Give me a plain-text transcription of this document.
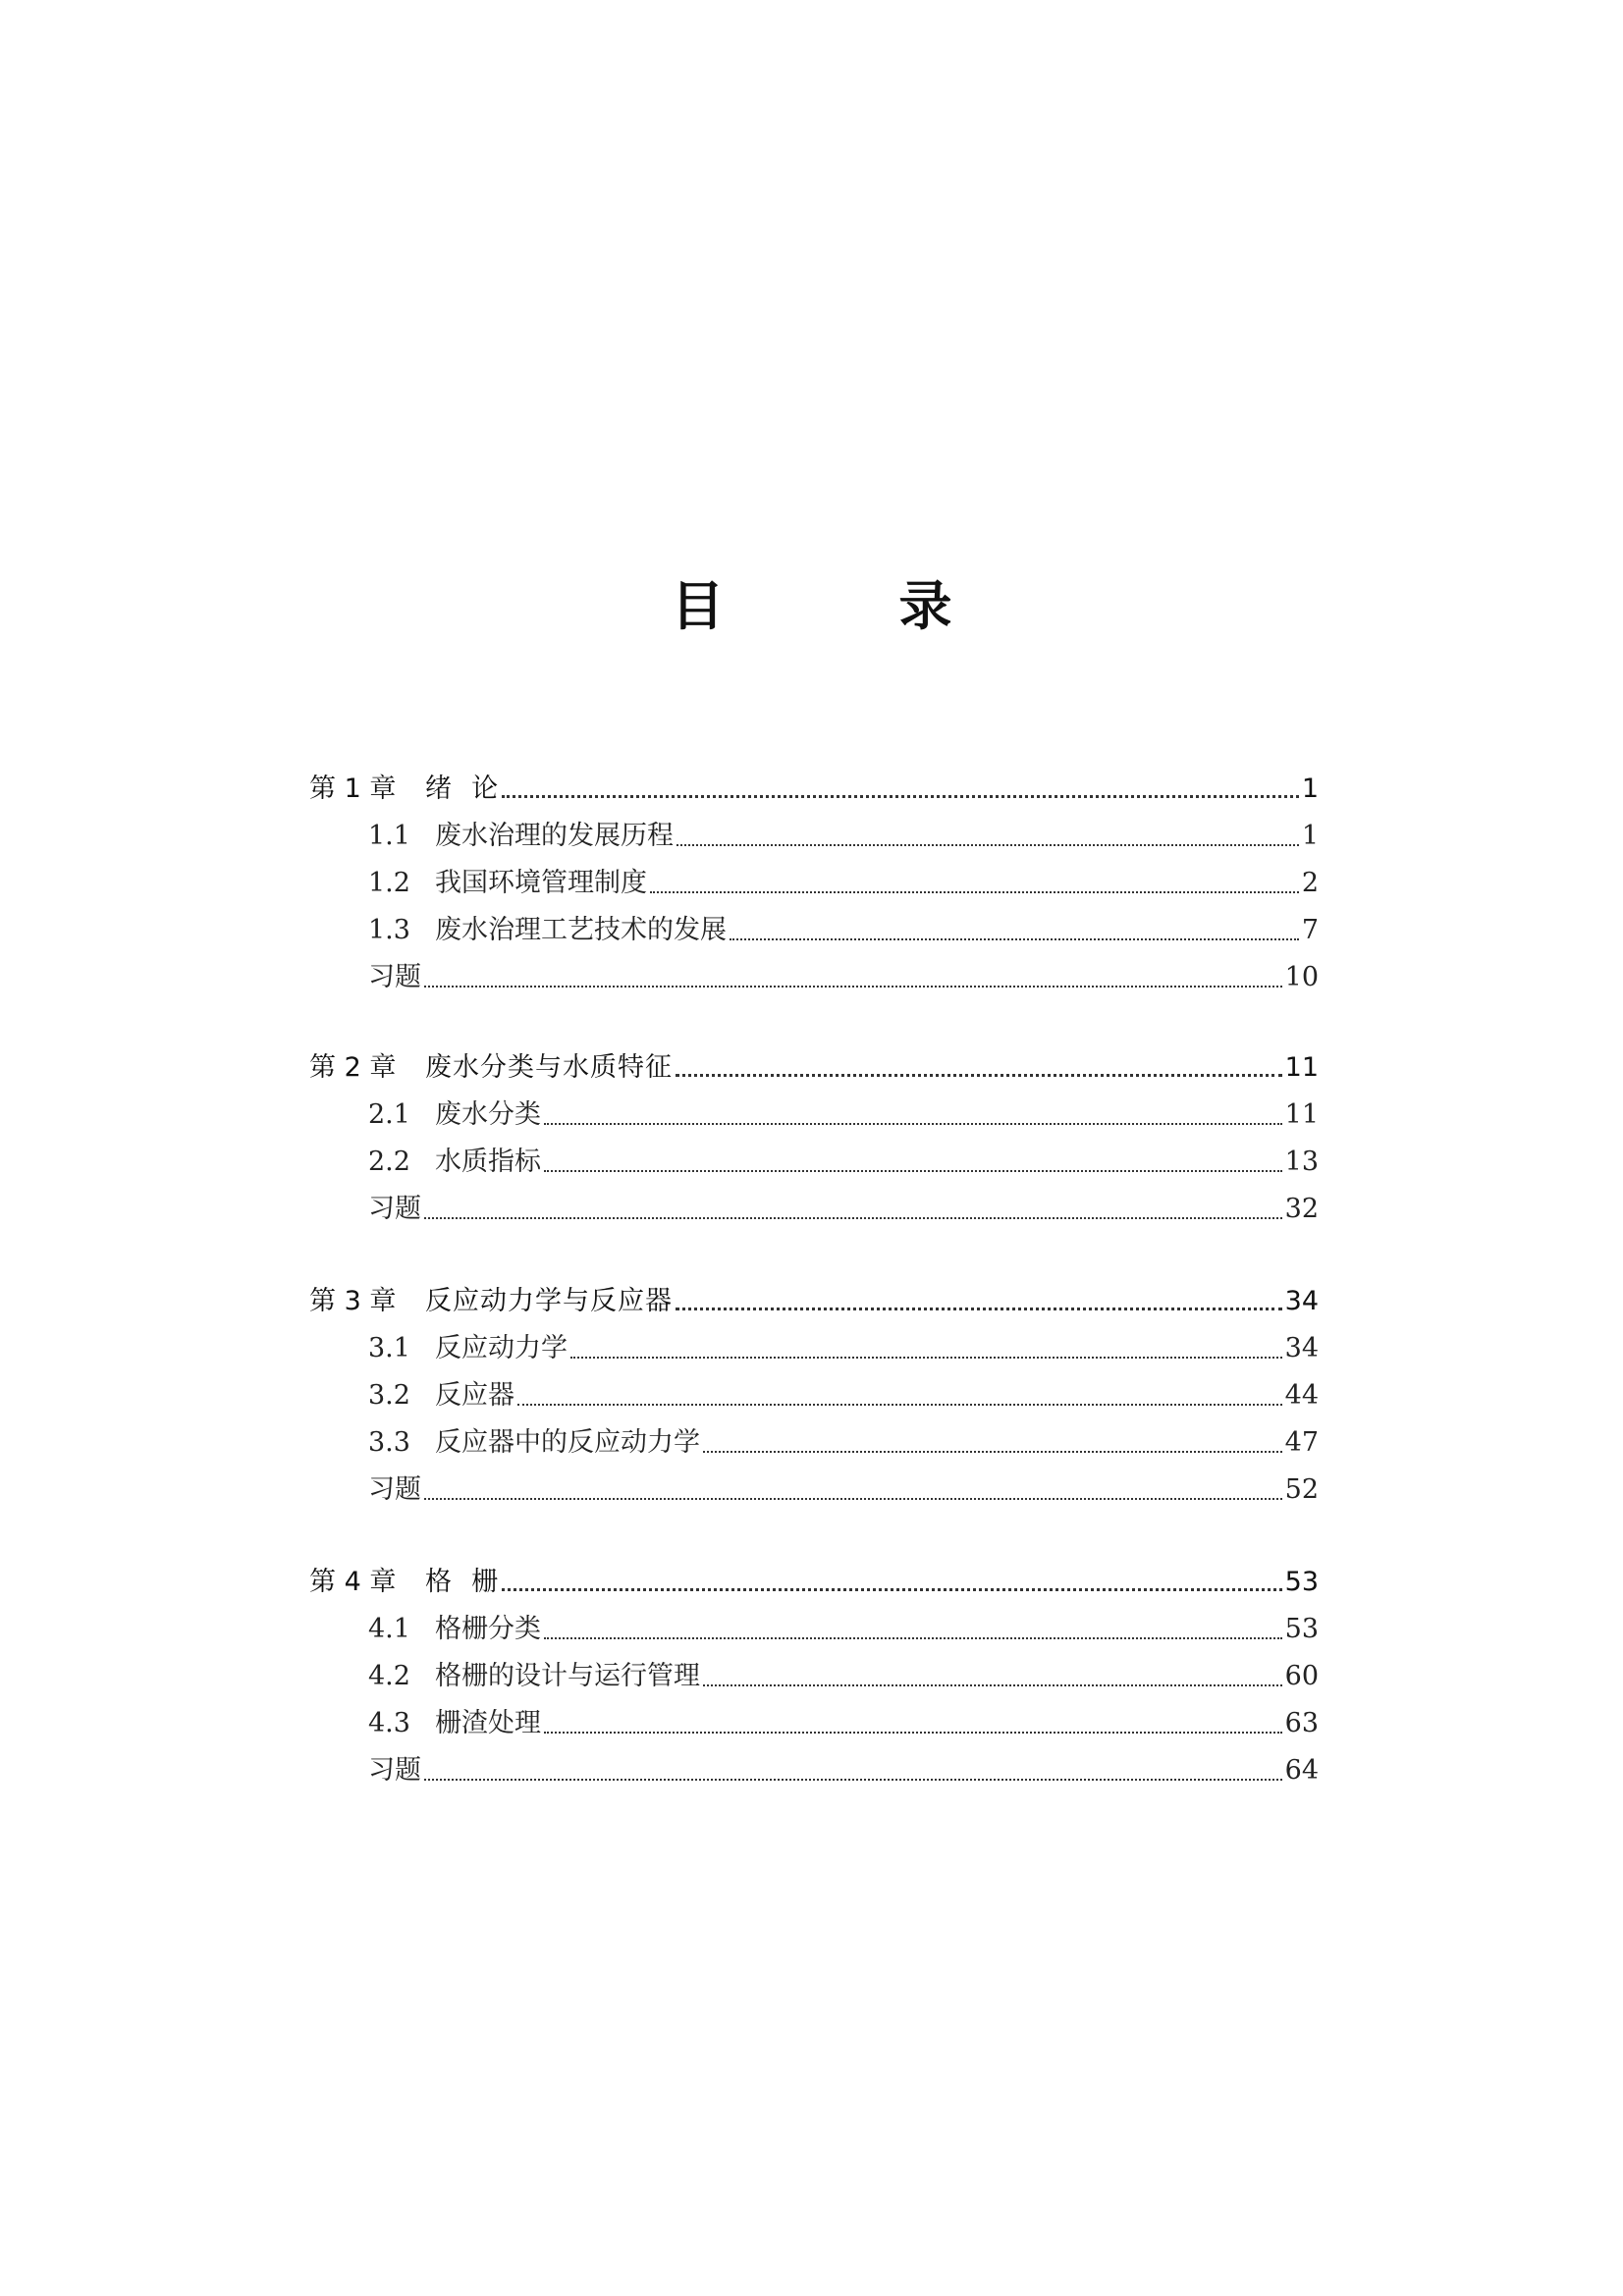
目　录
第 1 章	绪  论	1
1.1 废水治理的发展历程	1
1.2 我国环境管理制度	2
1.3 废水治理工艺技术的发展	7
习题	10
第 2 章	废水分类与水质特征	11
2.1 废水分类	11
2.2 水质指标	13
习题	32
第 3 章	反应动力学与反应器	34
3.1 反应动力学	34
3.2 反应器	44
3.3 反应器中的反应动力学	47
习题	52
第 4 章	格  栅	53
4.1 格栅分类	53
4.2 格栅的设计与运行管理	60
4.3 栅渣处理	63
习题	64
